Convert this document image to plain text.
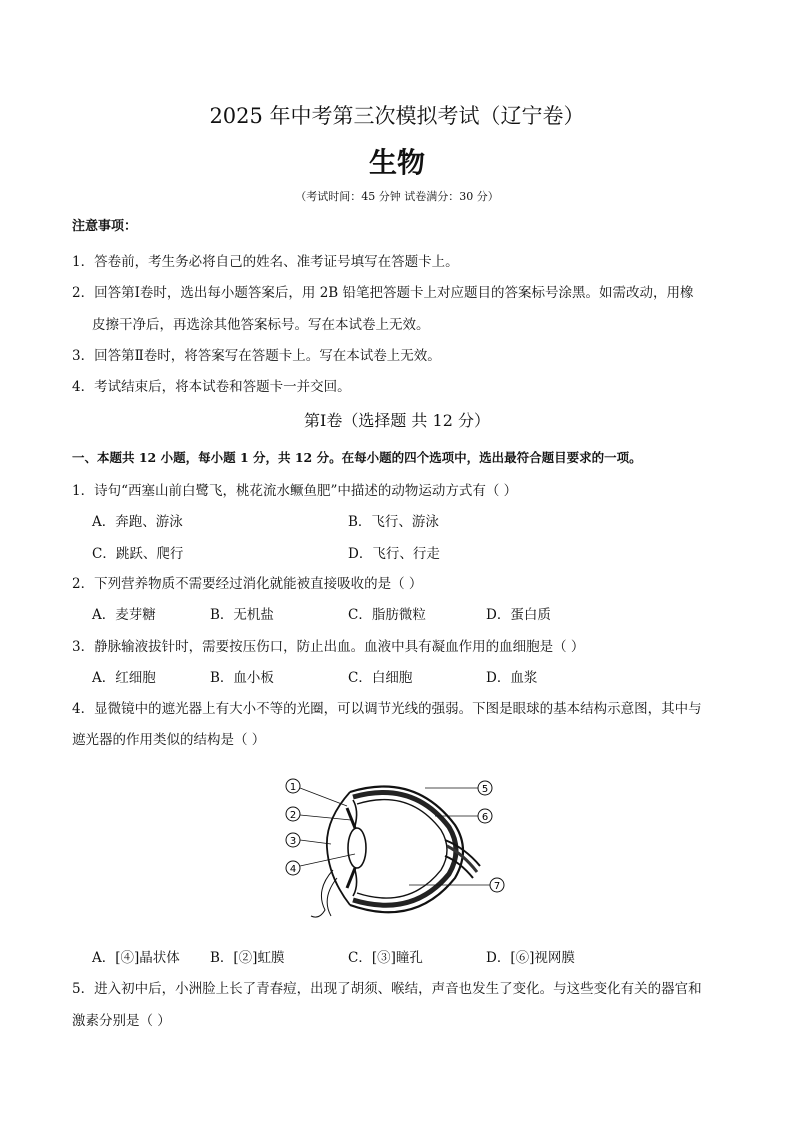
2025 年中考第三次模拟考试（辽宁卷）
生物
（考试时间：45 分钟 试卷满分：30 分）
注意事项：
1．答卷前，考生务必将自己的姓名、准考证号填写在答题卡上。
2．回答第Ⅰ卷时，选出每小题答案后，用 2B 铅笔把答题卡上对应题目的答案标号涂黑。如需改动，用橡
皮擦干净后，再选涂其他答案标号。写在本试卷上无效。
3．回答第Ⅱ卷时，将答案写在答题卡上。写在本试卷上无效。
4．考试结束后，将本试卷和答题卡一并交回。
第Ⅰ卷（选择题 共 12 分）
一、本题共 12 小题，每小题 1 分，共 12 分。在每小题的四个选项中，选出最符合题目要求的一项。
1．诗句“西塞山前白鹭飞，桃花流水鳜鱼肥”中描述的动物运动方式有（ ）
A．奔跑、游泳	B．飞行、游泳
C．跳跃、爬行	D．飞行、行走
2．下列营养物质不需要经过消化就能被直接吸收的是（ ）
A．麦芽糖	B．无机盐	C．脂肪微粒	D．蛋白质
3．静脉输液拔针时，需要按压伤口，防止出血。血液中具有凝血作用的血细胞是（ ）
A．红细胞	B．血小板	C．白细胞	D．血浆
4．显微镜中的遮光器上有大小不等的光圈，可以调节光线的强弱。下图是眼球的基本结构示意图，其中与
遮光器的作用类似的结构是（ ）
1
2
3
4
5
6
7
A．[④]晶状体 B．[②]虹膜	C．[③]瞳孔	D．[⑥]视网膜
5．进入初中后，小洲脸上长了青春痘，出现了胡须、喉结，声音也发生了变化。与这些变化有关的器官和
激素分别是（ ）
